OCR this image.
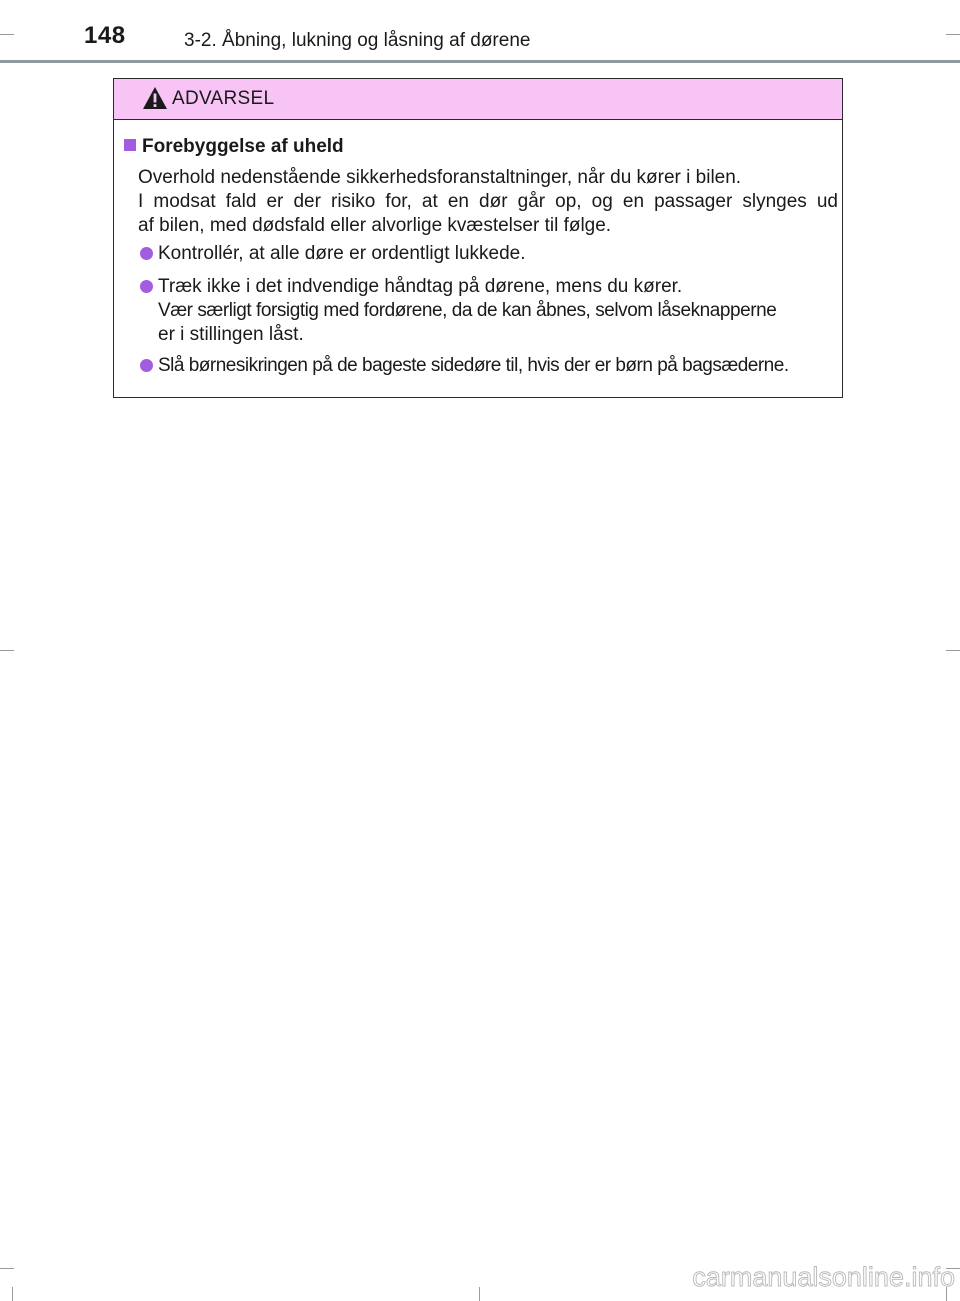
148	3-2. Åbning, lukning og låsning af dørene
ADVARSEL
Forebyggelse af uheld
Overhold nedenstående sikkerhedsforanstaltninger, når du kører i bilen.
I modsat fald er der risiko for, at en dør går op, og en passager slynges ud
af bilen, med dødsfald eller alvorlige kvæstelser til følge.
Kontrollér, at alle døre er ordentligt lukkede.
Træk ikke i det indvendige håndtag på dørene, mens du kører.
Vær særligt forsigtig med fordørene, da de kan åbnes, selvom låseknapperne
er i stillingen låst.
Slå børnesikringen på de bageste sidedøre til, hvis der er børn på bagsæderne.
carmanualsonline.info
